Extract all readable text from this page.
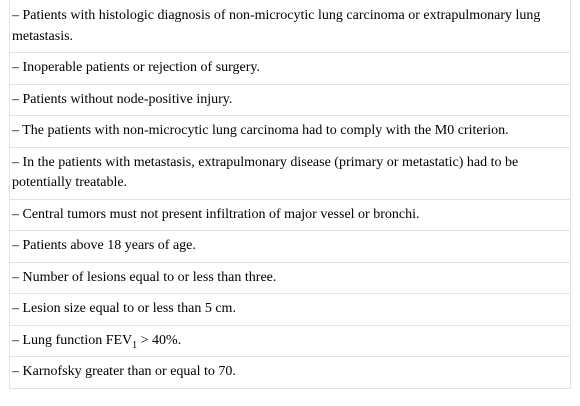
– Patients with histologic diagnosis of non-microcytic lung carcinoma or extrapulmonary lung metastasis.
– Inoperable patients or rejection of surgery.
– Patients without node-positive injury.
– The patients with non-microcytic lung carcinoma had to comply with the M0 criterion.
– In the patients with metastasis, extrapulmonary disease (primary or metastatic) had to be potentially treatable.
– Central tumors must not present infiltration of major vessel or bronchi.
– Patients above 18 years of age.
– Number of lesions equal to or less than three.
– Lesion size equal to or less than 5 cm.
– Lung function $FEV_1 > 40\%$.
– Karnofsky greater than or equal to 70.
